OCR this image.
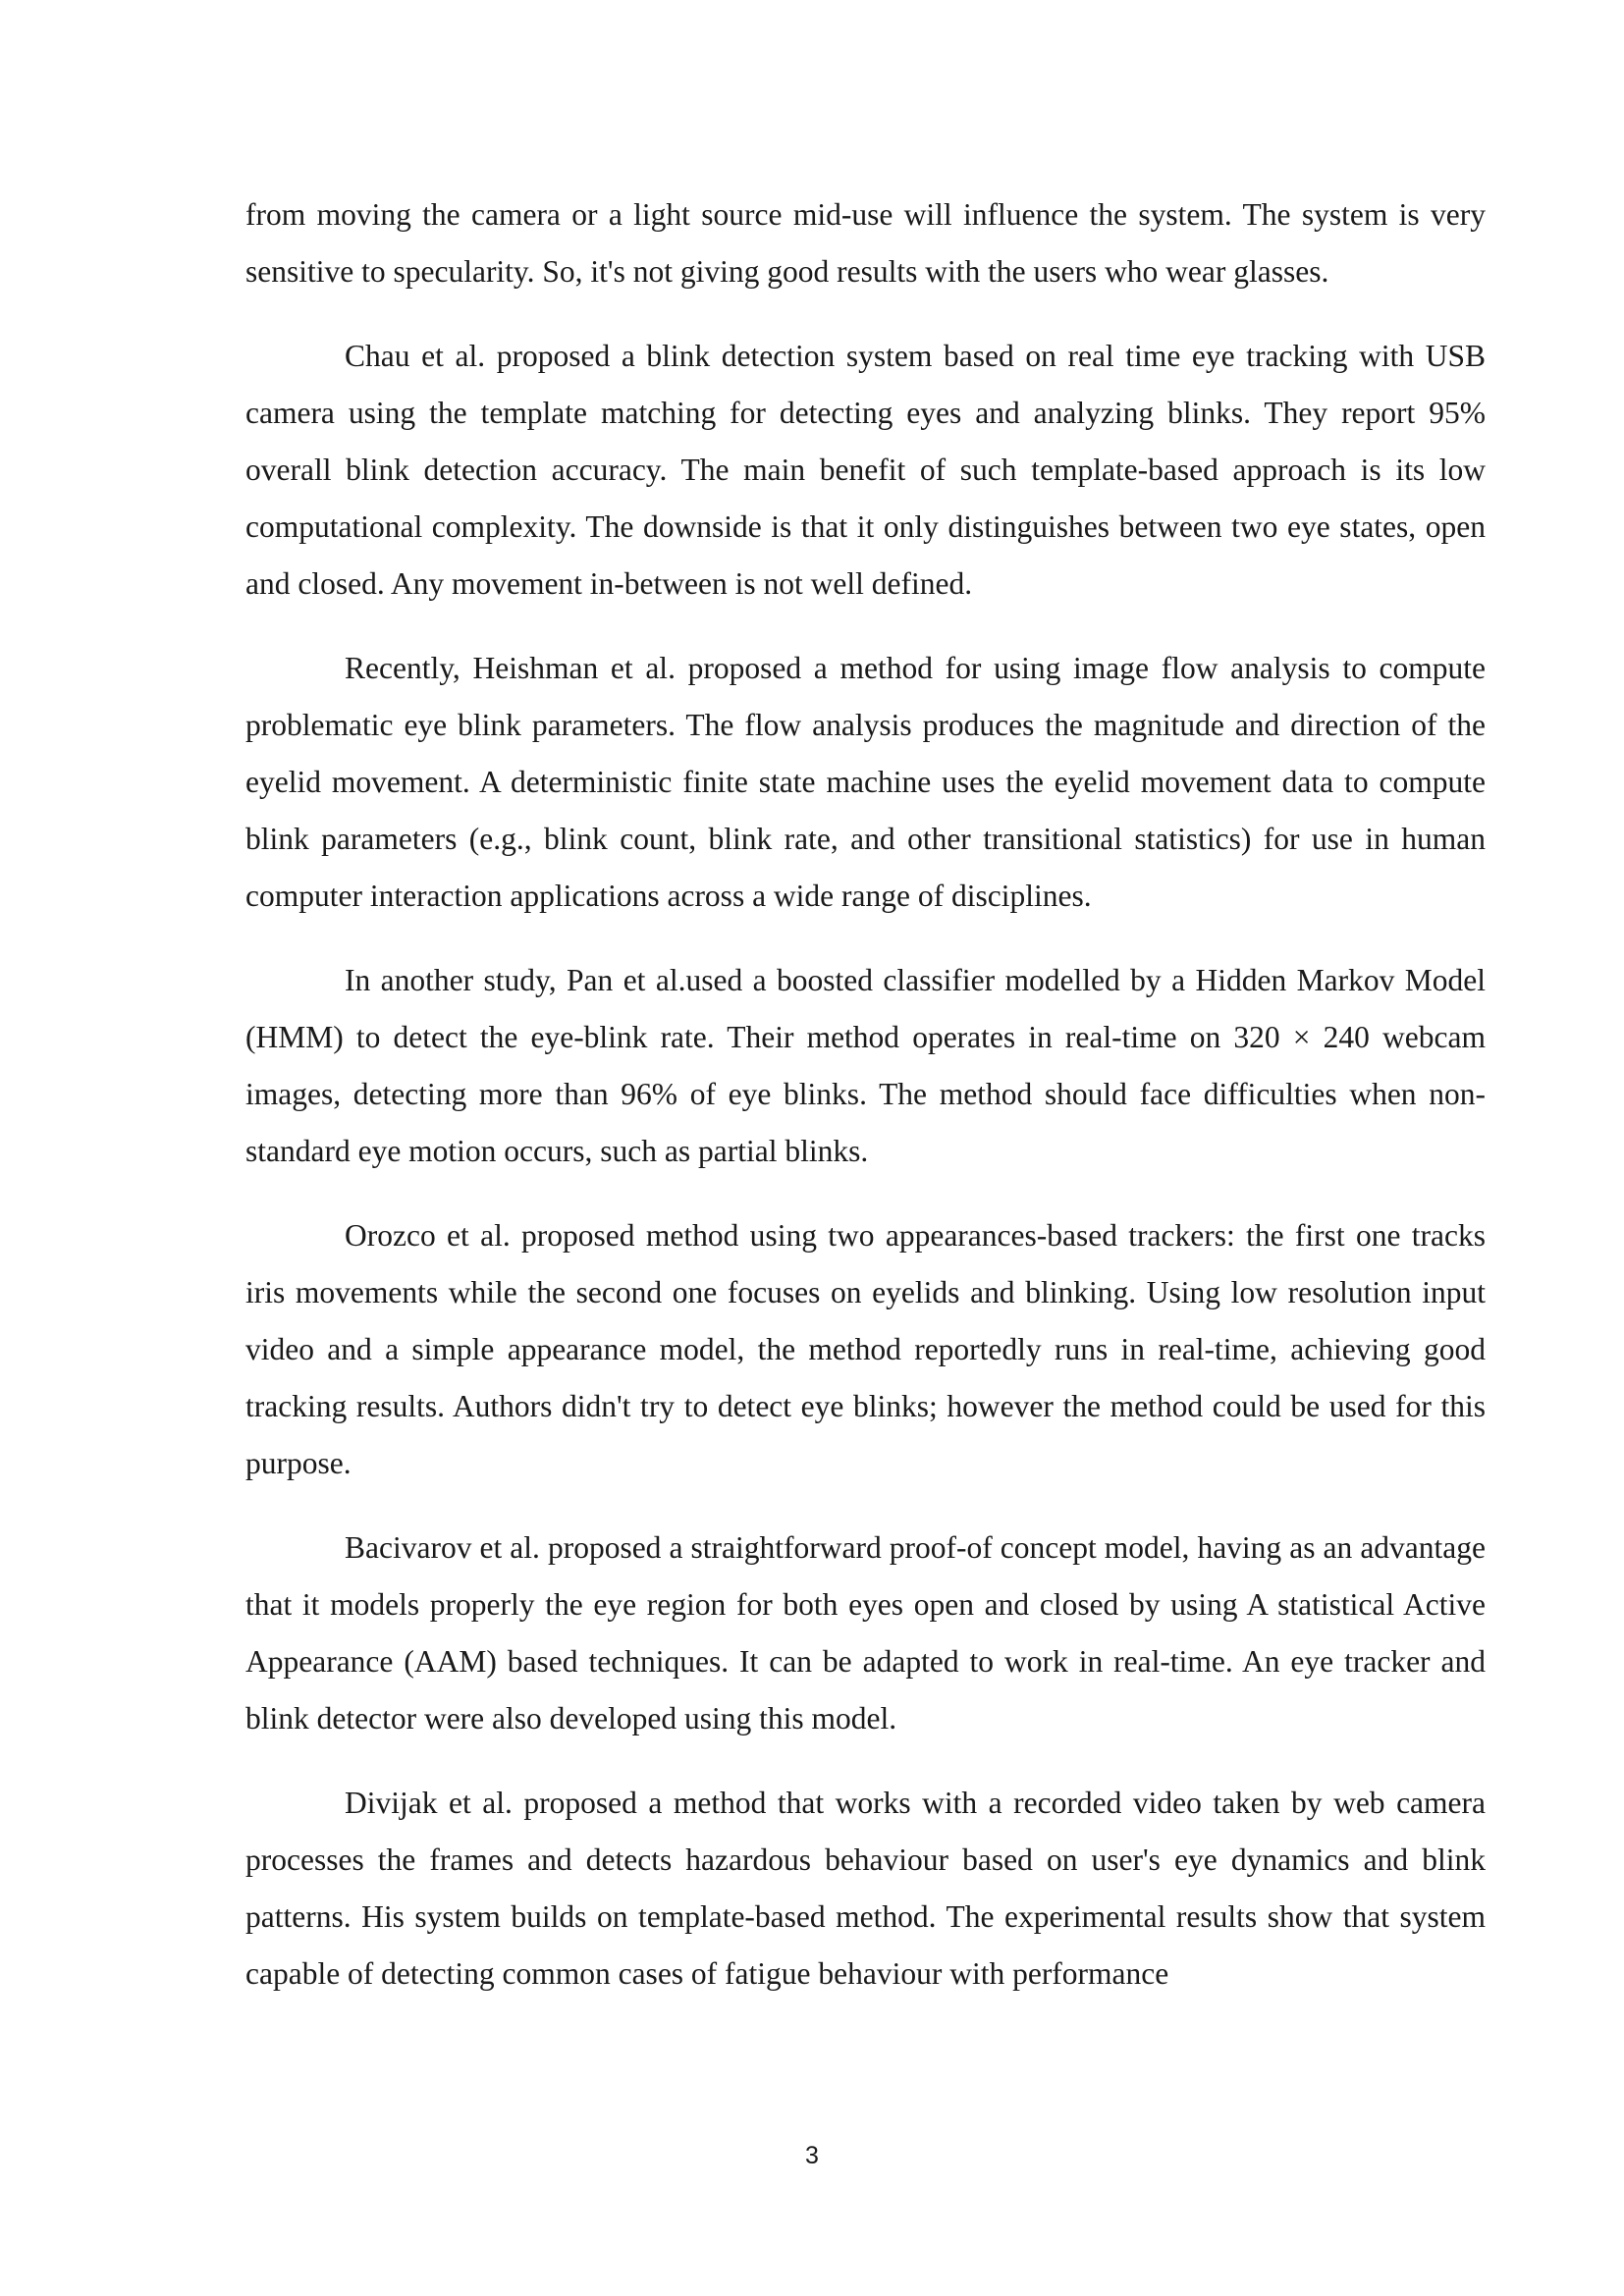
from moving the camera or a light source mid-use will influence the system. The system is very sensitive to specularity. So, it's not giving good results with the users who wear glasses.

Chau et al. proposed a blink detection system based on real time eye tracking with USB camera using the template matching for detecting eyes and analyzing blinks. They report 95% overall blink detection accuracy. The main benefit of such template-based approach is its low computational complexity. The downside is that it only distinguishes between two eye states, open and closed. Any movement in-between is not well defined.

Recently, Heishman et al. proposed a method for using image flow analysis to compute problematic eye blink parameters. The flow analysis produces the magnitude and direction of the eyelid movement. A deterministic finite state machine uses the eyelid movement data to compute blink parameters (e.g., blink count, blink rate, and other transitional statistics) for use in human computer interaction applications across a wide range of disciplines.

In another study, Pan et al.used a boosted classifier modelled by a Hidden Markov Model (HMM) to detect the eye-blink rate. Their method operates in real-time on 320 × 240 webcam images, detecting more than 96% of eye blinks. The method should face difficulties when non-standard eye motion occurs, such as partial blinks.

Orozco et al. proposed method using two appearances-based trackers: the first one tracks iris movements while the second one focuses on eyelids and blinking. Using low resolution input video and a simple appearance model, the method reportedly runs in real-time, achieving good tracking results. Authors didn't try to detect eye blinks; however the method could be used for this purpose.

Bacivarov et al. proposed a straightforward proof-of concept model, having as an advantage that it models properly the eye region for both eyes open and closed by using A statistical Active Appearance (AAM) based techniques. It can be adapted to work in real-time. An eye tracker and blink detector were also developed using this model.

Divijak et al. proposed a method that works with a recorded video taken by web camera processes the frames and detects hazardous behaviour based on user's eye dynamics and blink patterns. His system builds on template-based method. The experimental results show that system capable of detecting common cases of fatigue behaviour with performance

3
